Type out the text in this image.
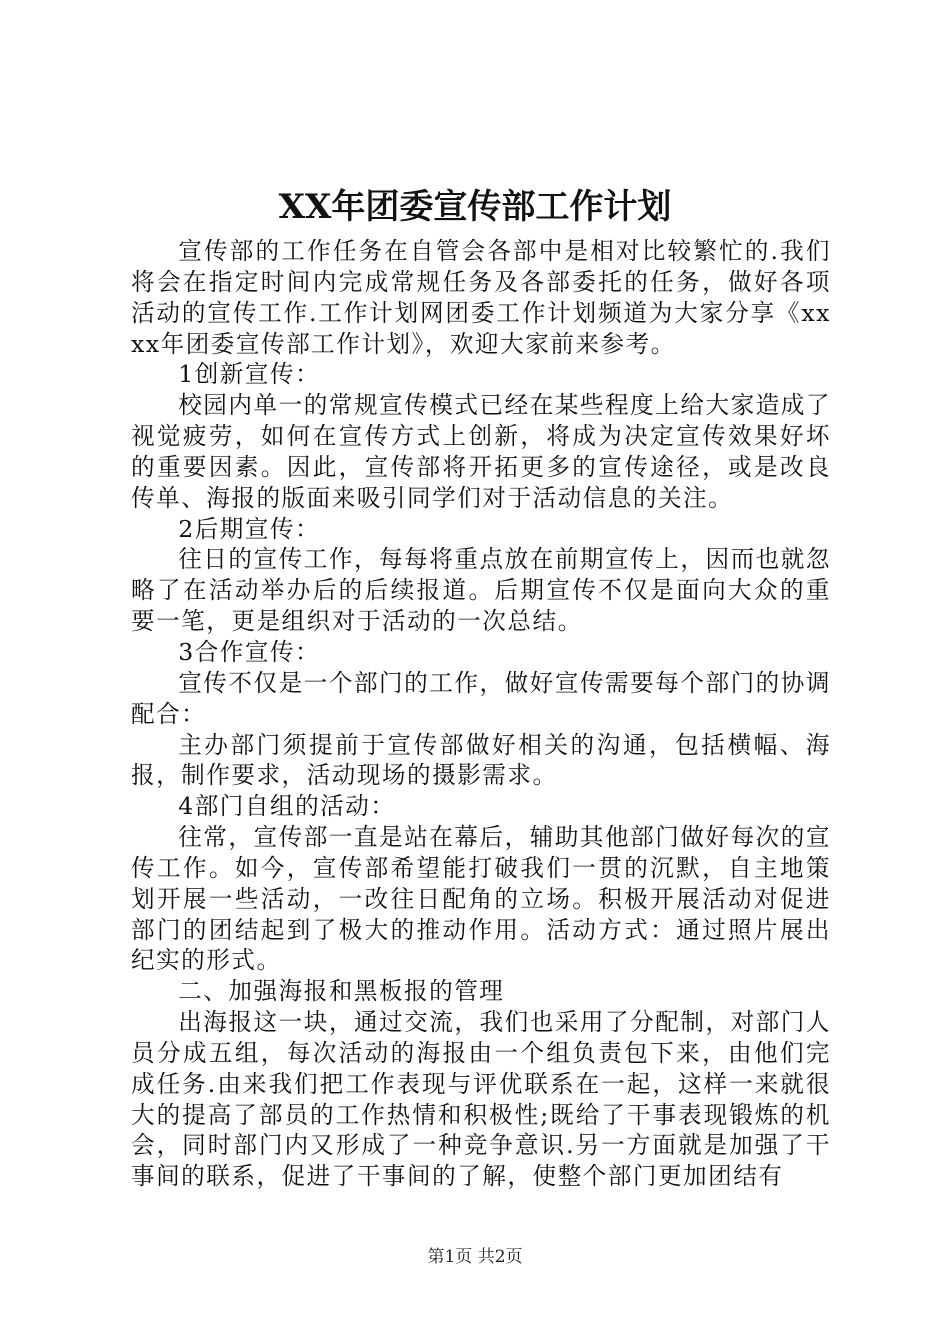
XX年团委宣传部工作计划

宣传部的工作任务在自管会各部中是相对比较繁忙的.我们将会在指定时间内完成常规任务及各部委托的任务，做好各项活动的宣传工作.工作计划网团委工作计划频道为大家分享《xxxx年团委宣传部工作计划》，欢迎大家前来参考。

1创新宣传：

校园内单一的常规宣传模式已经在某些程度上给大家造成了视觉疲劳，如何在宣传方式上创新，将成为决定宣传效果好坏的重要因素。因此，宣传部将开拓更多的宣传途径，或是改良传单、海报的版面来吸引同学们对于活动信息的关注。

2后期宣传：

往日的宣传工作，每每将重点放在前期宣传上，因而也就忽略了在活动举办后的后续报道。后期宣传不仅是面向大众的重要一笔，更是组织对于活动的一次总结。

3合作宣传：

宣传不仅是一个部门的工作，做好宣传需要每个部门的协调配合：

主办部门须提前于宣传部做好相关的沟通，包括横幅、海报，制作要求，活动现场的摄影需求。

4部门自组的活动：

往常，宣传部一直是站在幕后，辅助其他部门做好每次的宣传工作。如今，宣传部希望能打破我们一贯的沉默，自主地策划开展一些活动，一改往日配角的立场。积极开展活动对促进部门的团结起到了极大的推动作用。活动方式：通过照片展出纪实的形式。

二、加强海报和黑板报的管理

出海报这一块，通过交流，我们也采用了分配制，对部门人员分成五组，每次活动的海报由一个组负责包下来，由他们完成任务.由来我们把工作表现与评优联系在一起，这样一来就很大的提高了部员的工作热情和积极性;既给了干事表现锻炼的机会，同时部门内又形成了一种竞争意识.另一方面就是加强了干事间的联系，促进了干事间的了解，使整个部门更加团结有

第1页 共2页
